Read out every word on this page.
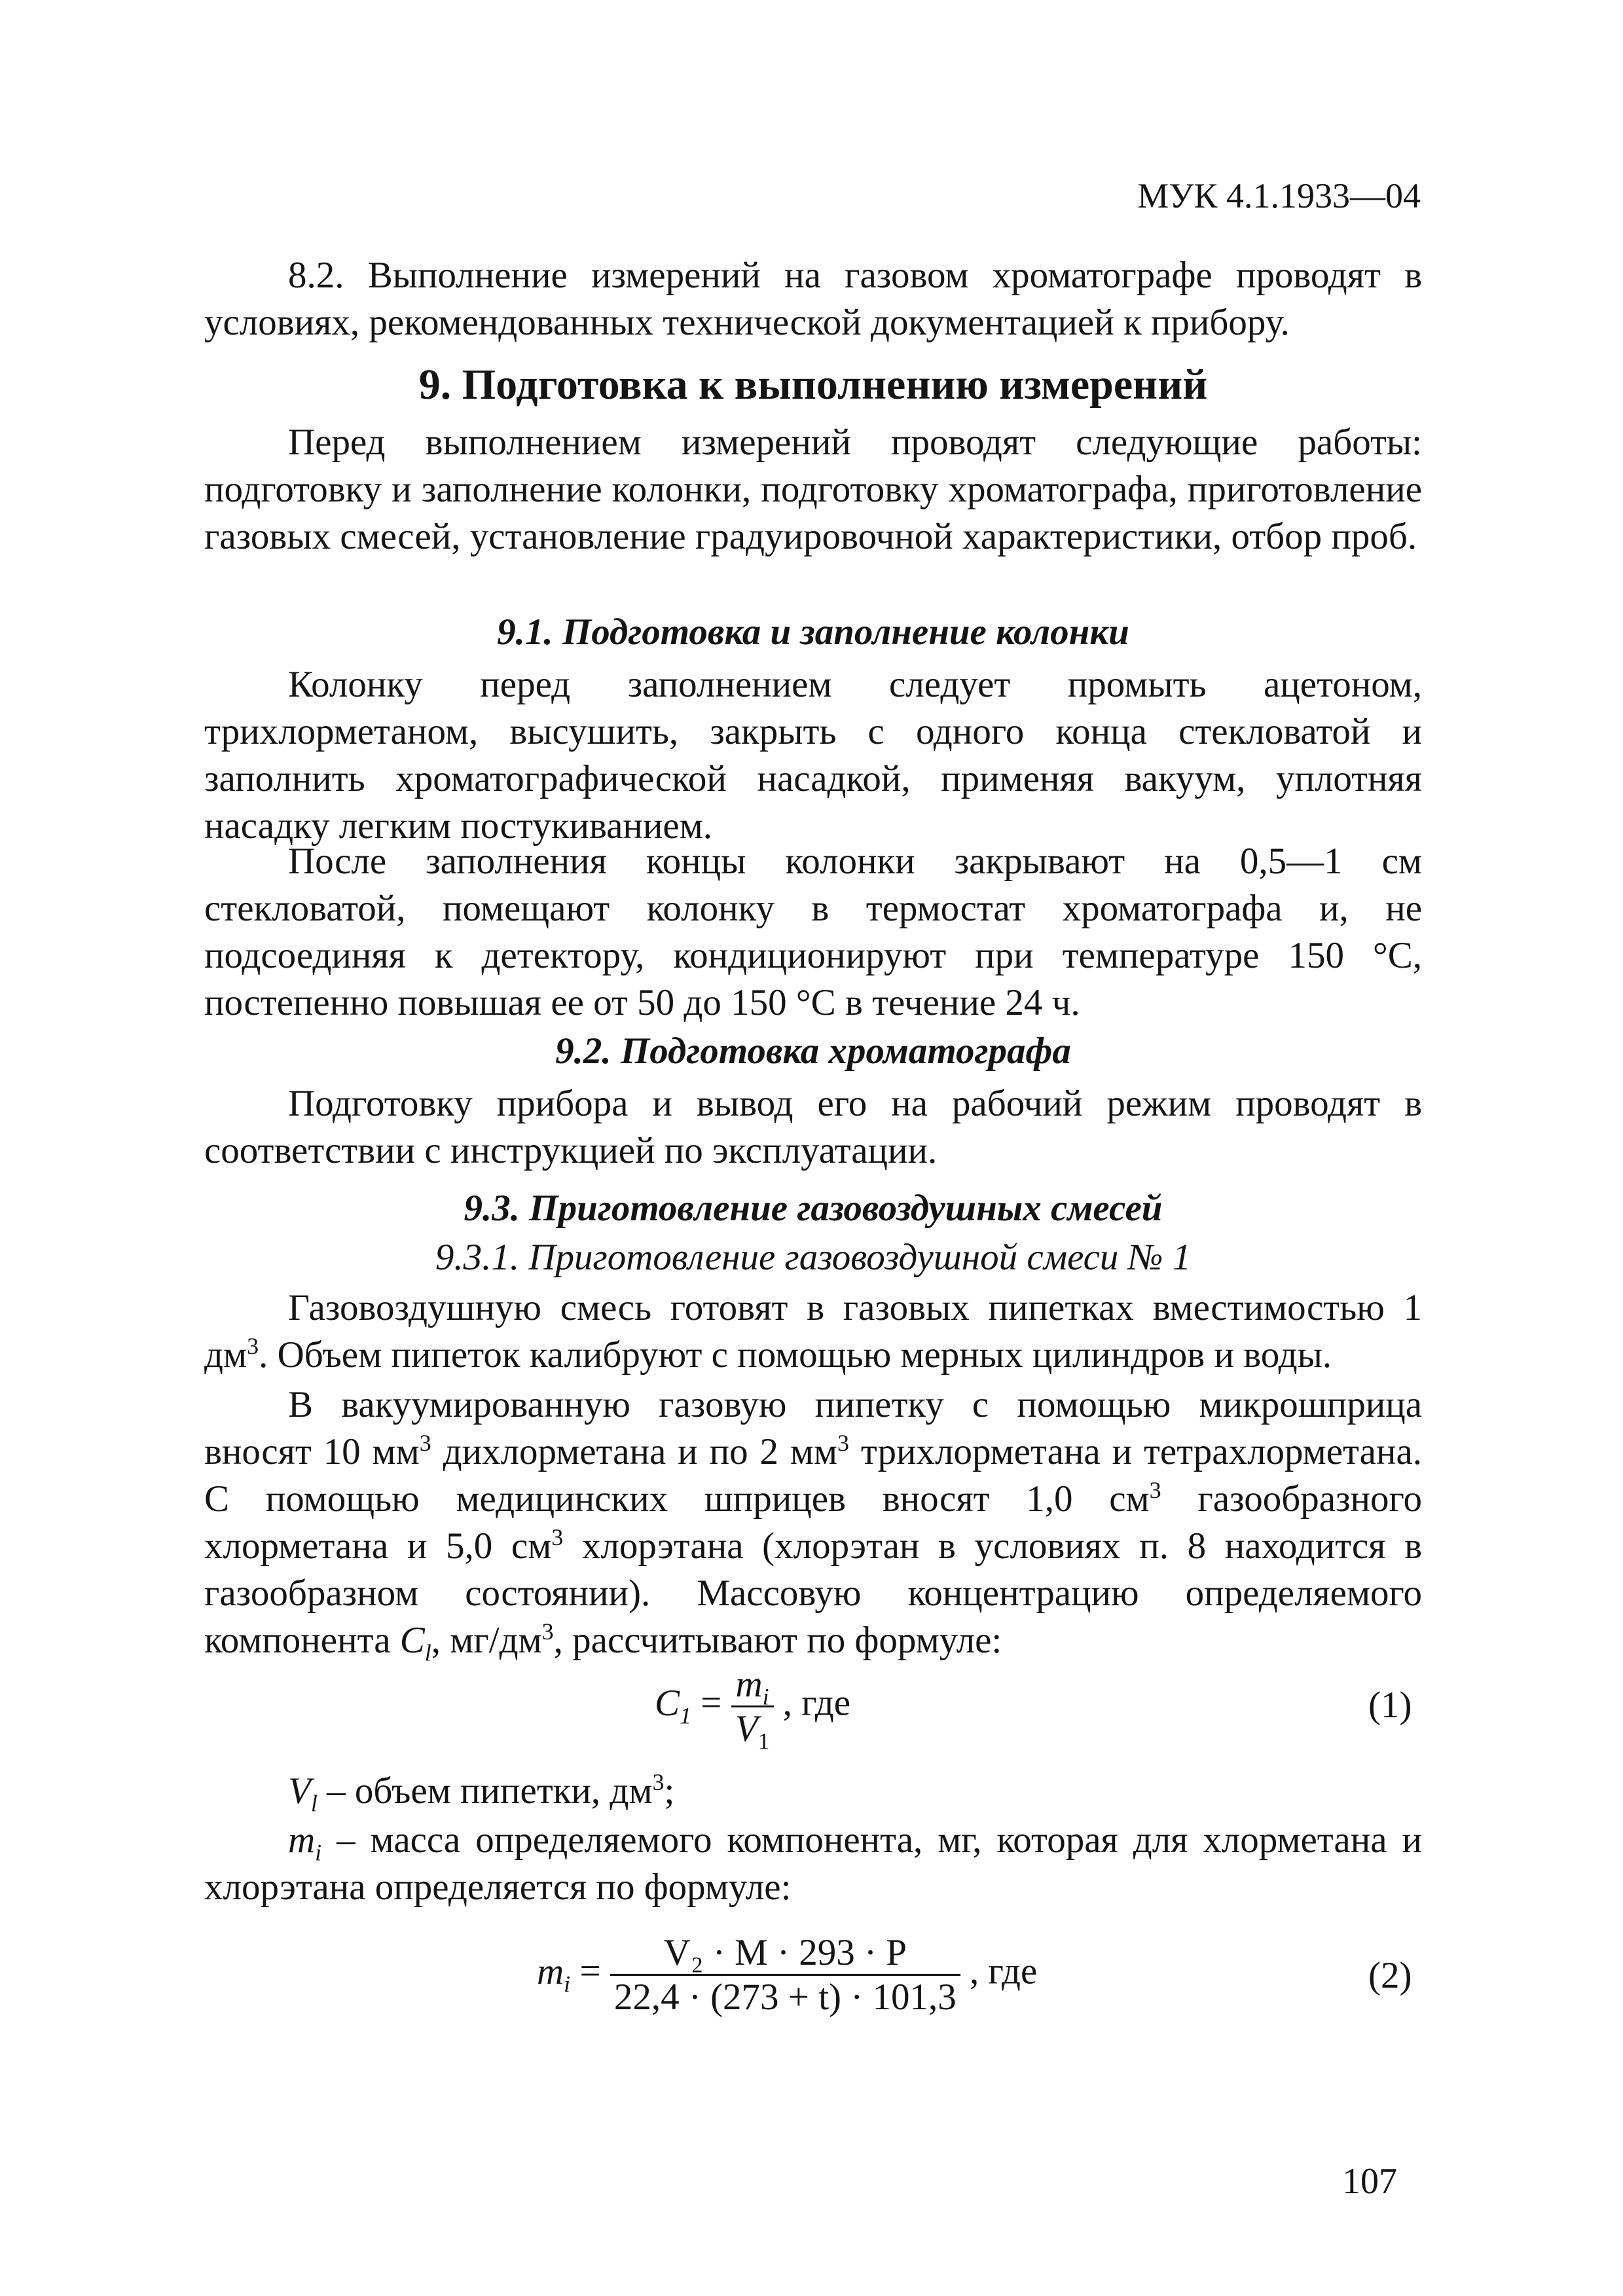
МУК 4.1.1933—04

8.2. Выполнение измерений на газовом хроматографе проводят в условиях, рекомендованных технической документацией к прибору.

9. Подготовка к выполнению измерений

Перед выполнением измерений проводят следующие работы: подготовку и заполнение колонки, подготовку хроматографа, приготовление газовых смесей, установление градуировочной характеристики, отбор проб.

9.1. Подготовка и заполнение колонки

Колонку перед заполнением следует промыть ацетоном, трихлорметаном, высушить, закрыть с одного конца стекловатой и заполнить хроматографической насадкой, применяя вакуум, уплотняя насадку легким постукиванием.

После заполнения концы колонки закрывают на 0,5—1 см стекловатой, помещают колонку в термостат хроматографа и, не подсоединяя к детектору, кондиционируют при температуре 150 °С, постепенно повышая ее от 50 до 150 °С в течение 24 ч.

9.2. Подготовка хроматографа

Подготовку прибора и вывод его на рабочий режим проводят в соответствии с инструкцией по эксплуатации.

9.3. Приготовление газовоздушных смесей
9.3.1. Приготовление газовоздушной смеси № 1

Газовоздушную смесь готовят в газовых пипетках вместимостью 1 $дм^3$. Объем пипеток калибруют с помощью мерных цилиндров и воды.

В вакуумированную газовую пипетку с помощью микрошприца вносят 10 $мм^3$ дихлорметана и по 2 $мм^3$ трихлорметана и тетрахлорметана. С помощью медицинских шприцев вносят 1,0 $см^3$ газообразного хлорметана и 5,0 $см^3$ хлорэтана (хлорэтан в условиях п. 8 находится в газообразном состоянии). Массовую концентрацию определяемого компонента $C_l$, $мг/дм^3$, рассчитывают по формуле:

$C_1 = \frac{m_i}{V_1}$ , где	(1)

$V_l$ – объем пипетки, $дм^3$;

$m_i$ – масса определяемого компонента, мг, которая для хлорметана и хлорэтана определяется по формуле:

$m_i = \frac{\text{V₂ · M · 293 · P}}{22,4 \cdot (273 + t) \cdot 101,3}$ , где	(2)
107
